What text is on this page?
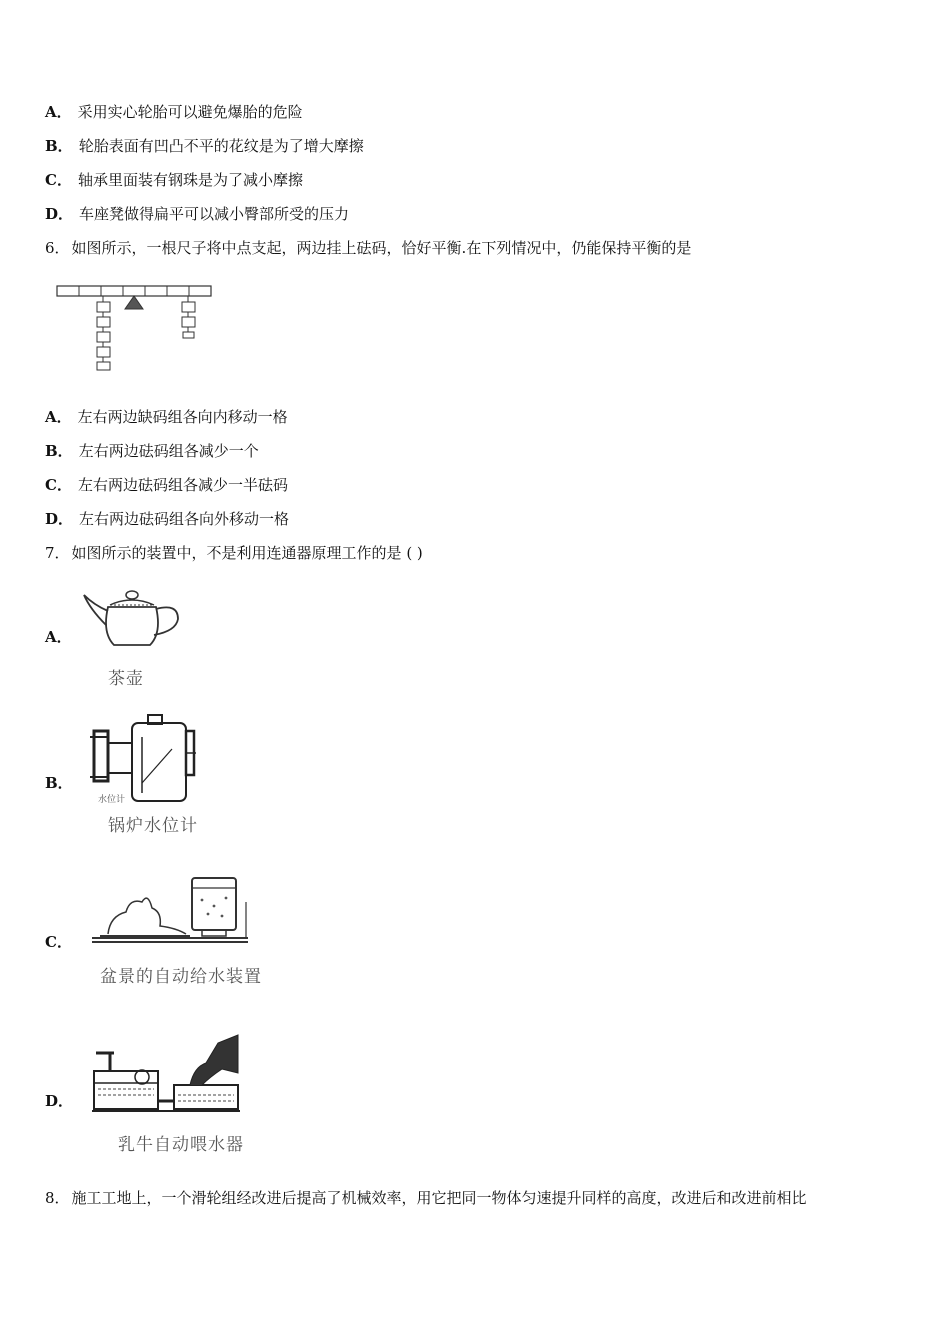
A． 采用实心轮胎可以避免爆胎的危险
B． 轮胎表面有凹凸不平的花纹是为了增大摩擦
C． 轴承里面装有钢珠是为了减小摩擦
D． 车座凳做得扁平可以减小臀部所受的压力
6． 如图所示，一根尺子将中点支起，两边挂上砝码，恰好平衡.在下列情况中，仍能保持平衡的是
A． 左右两边缺码组各向内移动一格
B． 左右两边砝码组各减少一个
C． 左右两边砝码组各减少一半砝码
D． 左右两边砝码组各向外移动一格
7． 如图所示的装置中，不是利用连通器原理工作的是 ( )
A．
茶壶
B．
水位计
锅炉水位计
C．
盆景的自动给水装置
D．
乳牛自动喂水器
8． 施工工地上，一个滑轮组经改进后提高了机械效率，用它把同一物体匀速提升同样的高度，改进后和改进前相比
